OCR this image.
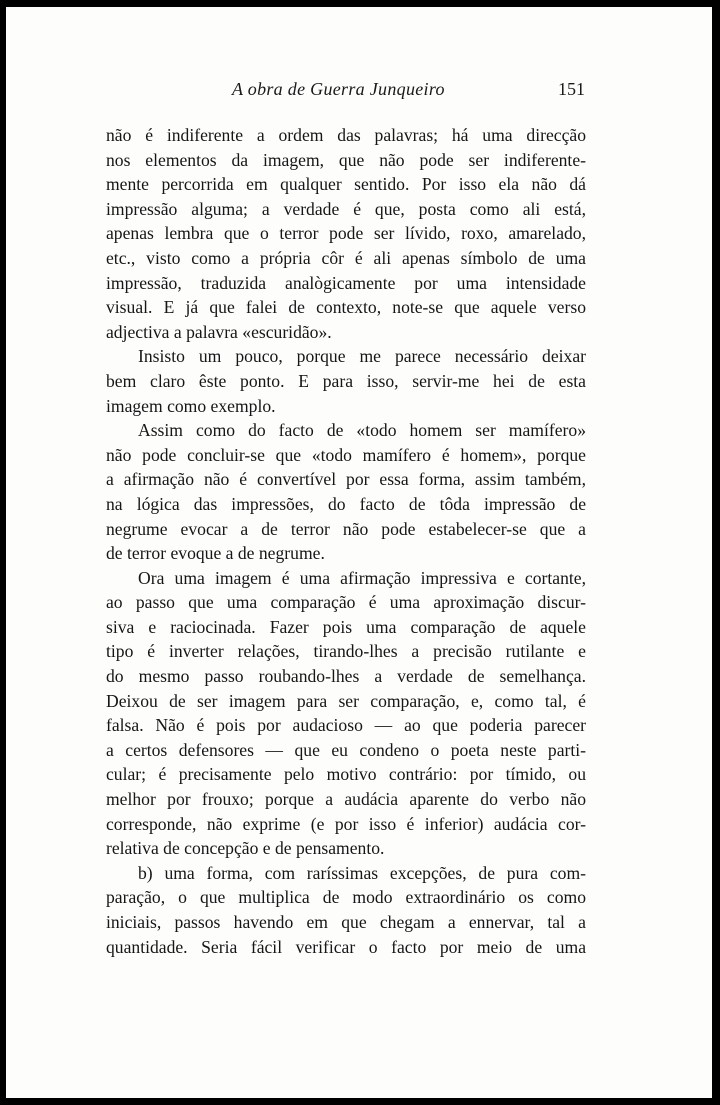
A obra de Guerra Junqueiro	151
não é indiferente a ordem das palavras; há uma direcção
nos elementos da imagem, que não pode ser indiferente-
mente percorrida em qualquer sentido. Por isso ela não dá
impressão alguma; a verdade é que, posta como ali está,
apenas lembra que o terror pode ser lívido, roxo, amarelado,
etc., visto como a própria côr é ali apenas símbolo de uma
impressão, traduzida analògicamente por uma intensidade
visual. E já que falei de contexto, note-se que aquele verso
adjectiva a palavra «escuridão».
Insisto um pouco, porque me parece necessário deixar
bem claro êste ponto. E para isso, servir-me hei de esta
imagem como exemplo.
Assim como do facto de «todo homem ser mamífero»
não pode concluir-se que «todo mamífero é homem», porque
a afirmação não é convertível por essa forma, assim também,
na lógica das impressões, do facto de tôda impressão de
negrume evocar a de terror não pode estabelecer-se que a
de terror evoque a de negrume.
Ora uma imagem é uma afirmação impressiva e cortante,
ao passo que uma comparação é uma aproximação discur-
siva e raciocinada. Fazer pois uma comparação de aquele
tipo é inverter relações, tirando-lhes a precisão rutilante e
do mesmo passo roubando-lhes a verdade de semelhança.
Deixou de ser imagem para ser comparação, e, como tal, é
falsa. Não é pois por audacioso — ao que poderia parecer
a certos defensores — que eu condeno o poeta neste parti-
cular; é precisamente pelo motivo contrário: por tímido, ou
melhor por frouxo; porque a audácia aparente do verbo não
corresponde, não exprime (e por isso é inferior) audácia cor-
relativa de concepção e de pensamento.
b) uma forma, com raríssimas excepções, de pura com-
paração, o que multiplica de modo extraordinário os como
iniciais, passos havendo em que chegam a ennervar, tal a
quantidade. Seria fácil verificar o facto por meio de uma
